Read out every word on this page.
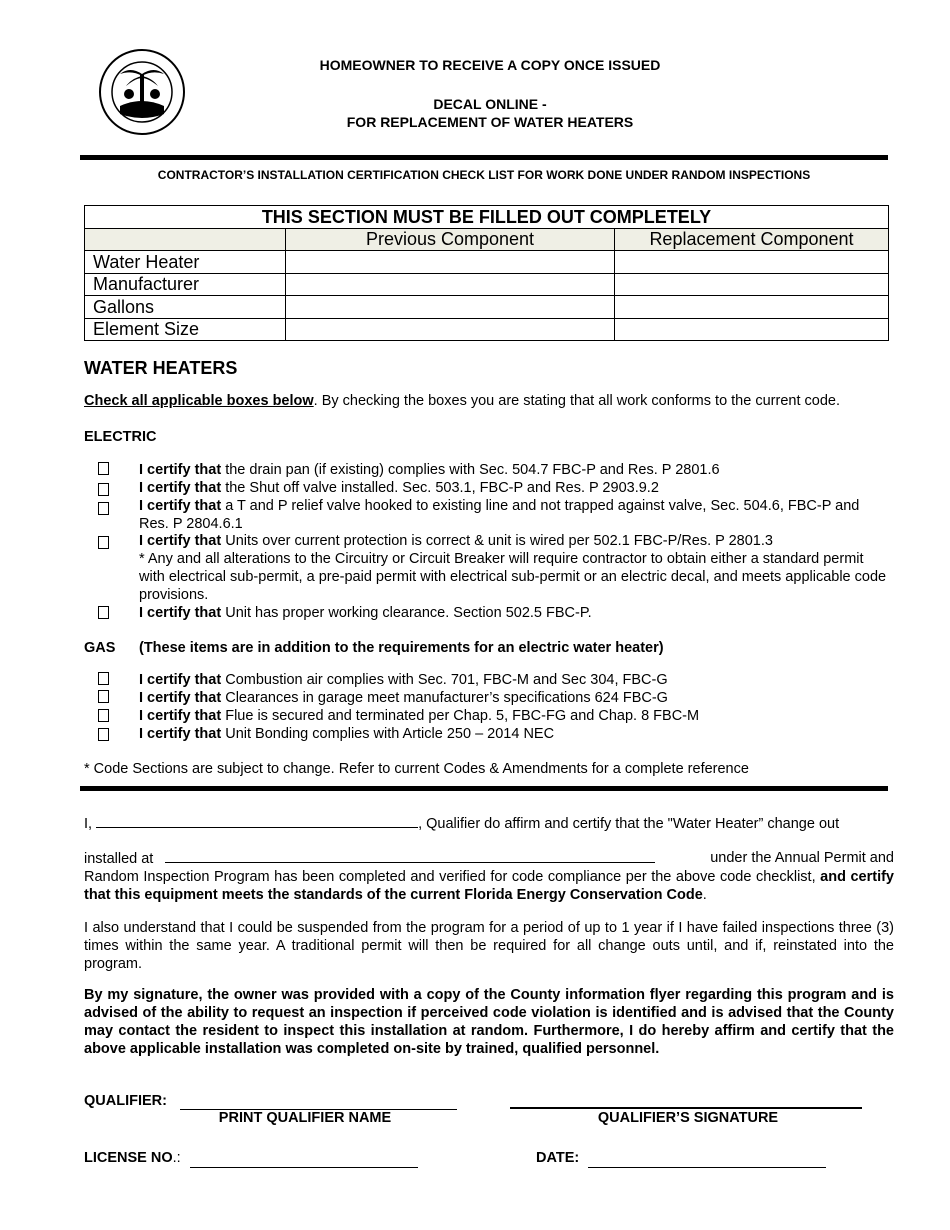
HOMEOWNER TO RECEIVE A COPY ONCE ISSUED
DECAL ONLINE -
FOR REPLACEMENT OF WATER HEATERS
CONTRACTOR’S INSTALLATION CERTIFICATION CHECK LIST FOR WORK DONE UNDER RANDOM INSPECTIONS
THIS SECTION MUST BE FILLED OUT COMPLETELY		
	Previous Component	Replacement Component
Water Heater		
Manufacturer		
Gallons		
Element Size		
WATER HEATERS
Check all applicable boxes below. By checking the boxes you are stating that all work conforms to the current code.
ELECTRIC
I certify that the drain pan (if existing) complies with Sec. 504.7 FBC-P and Res. P 2801.6
I certify that the Shut off valve installed. Sec. 503.1, FBC-P and Res. P 2903.9.2
I certify that a T and P relief valve hooked to existing line and not trapped against valve, Sec. 504.6, FBC-P and Res. P 2804.6.1
I certify that Units over current protection is correct & unit is wired per 502.1 FBC-P/Res. P 2801.3
* Any and all alterations to the Circuitry or Circuit Breaker will require contractor to obtain either a standard permit with electrical sub-permit, a pre-paid permit with electrical sub-permit or an electric decal, and meets applicable code provisions.
I certify that Unit has proper working clearance. Section 502.5 FBC-P.
GAS (These items are in addition to the requirements for an electric water heater)
I certify that Combustion air complies with Sec. 701, FBC-M and Sec 304, FBC-G
I certify that Clearances in garage meet manufacturer’s specifications 624 FBC-G
I certify that Flue is secured and terminated per Chap. 5, FBC-FG and Chap. 8 FBC-M
I certify that Unit Bonding complies with Article 250 – 2014 NEC
* Code Sections are subject to change. Refer to current Codes & Amendments for a complete reference
I,	, Qualifier do affirm and certify that the "Water Heater” change out
installed at	under the Annual Permit and
Random Inspection Program has been completed and verified for code compliance per the above code checklist, and certify that this equipment meets the standards of the current Florida Energy Conservation Code.
I also understand that I could be suspended from the program for a period of up to 1 year if I have failed inspections three (3) times within the same year. A traditional permit will then be required for all change outs until, and if, reinstated into the program.
By my signature, the owner was provided with a copy of the County information flyer regarding this program and is advised of the ability to request an inspection if perceived code violation is identified and is advised that the County may contact the resident to inspect this installation at random. Furthermore, I do hereby affirm and certify that the above applicable installation was completed on-site by trained, qualified personnel.
QUALIFIER:
PRINT QUALIFIER NAME	QUALIFIER’S SIGNATURE
LICENSE NO.:	DATE:
